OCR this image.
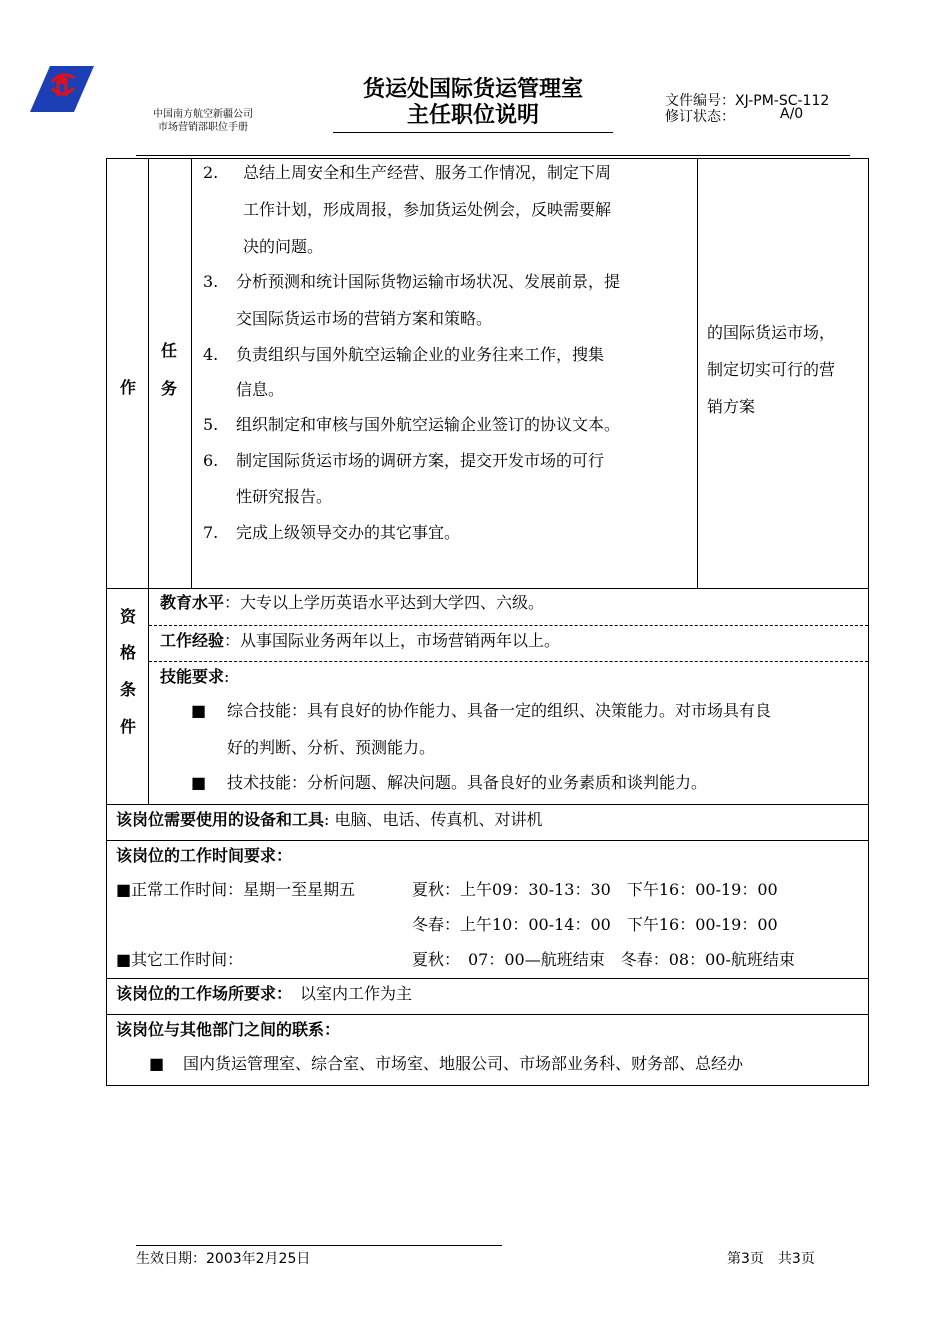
中国南方航空新疆公司
市场营销部职位手册
货运处国际货运管理室
主任职位说明
文件编号：XJ-PM-SC-112
修订状态：	A/0
作
任
务
2. 总结上周安全和生产经营、服务工作情况，制定下周
工作计划，形成周报，参加货运处例会，反映需要解
决的问题。
3. 分析预测和统计国际货物运输市场状况、发展前景，提
交国际货运市场的营销方案和策略。
4. 负责组织与国外航空运输企业的业务往来工作，搜集
信息。
5. 组织制定和审核与国外航空运输企业签订的协议文本。
6. 制定国际货运市场的调研方案，提交开发市场的可行
性研究报告。
7. 完成上级领导交办的其它事宜。
的国际货运市场，
制定切实可行的营
销方案
资
格
条
件
教育水平：大专以上学历英语水平达到大学四、六级。
工作经验：从事国际业务两年以上，市场营销两年以上。
技能要求:
■ 综合技能：具有良好的协作能力、具备一定的组织、决策能力。对市场具有良
好的判断、分析、预测能力。
■ 技术技能：分析问题、解决问题。具备良好的业务素质和谈判能力。
该岗位需要使用的设备和工具: 电脑、电话、传真机、对讲机
该岗位的工作时间要求：
■正常工作时间：星期一至星期五	夏秋：上午09：30-13：30　下午16：00-19：00
冬春：上午10：00-14：00　下午16：00-19：00
■其它工作时间：	夏秋：　07：00—航班结束　冬春：08：00-航班结束
该岗位的工作场所要求： 以室内工作为主
该岗位与其他部门之间的联系：
■ 国内货运管理室、综合室、市场室、地服公司、市场部业务科、财务部、总经办
生效日期：2003年2月25日	第3页　共3页
